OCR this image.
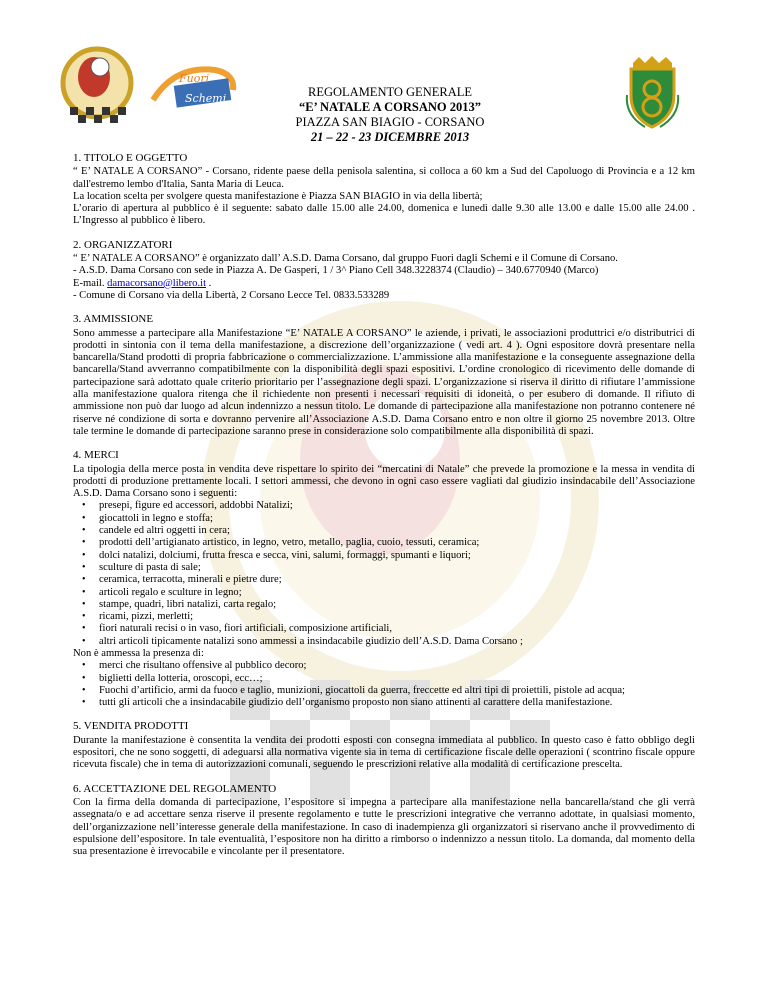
Fuori
Schemi	REGOLAMENTO GENERALE
“E’ NATALE A CORSANO 2013”
PIAZZA SAN BIAGIO - CORSANO
21 – 22 - 23 DICEMBRE 2013
1. TITOLO E OGGETTO

“ E’ NATALE A CORSANO” - Corsano, ridente paese della penisola salentina, si colloca a 60 km a Sud del Capoluogo di Provincia e a 12 km dall'estremo lembo d'Italia, Santa Maria di Leuca.

La location scelta per svolgere questa manifestazione è Piazza SAN BIAGIO in via della libertà;

L’orario di apertura al pubblico è il seguente: sabato dalle 15.00 alle 24.00, domenica e lunedì dalle 9.30 alle 13.00 e dalle 15.00 alle 24.00 . L’Ingresso al pubblico è libero.

2. ORGANIZZATORI

“ E’ NATALE A CORSANO” è organizzato dall’ A.S.D. Dama Corsano, dal gruppo Fuori dagli Schemi e il Comune di Corsano.

- A.S.D. Dama Corsano con sede in Piazza A. De Gasperi, 1 / 3^ Piano Cell 348.3228374 (Claudio) – 340.6770940 (Marco)

E-mail. damacorsano@libero.it .

- Comune di Corsano via della Libertà, 2 Corsano Lecce Tel. 0833.533289

3. AMMISSIONE

Sono ammesse a partecipare alla Manifestazione “E’ NATALE A CORSANO” le aziende, i privati, le associazioni produttrici e/o distributrici di prodotti in sintonia con il tema della manifestazione, a discrezione dell’organizzazione ( vedi art. 4 ). Ogni espositore dovrà presentare nella bancarella/Stand prodotti di propria fabbricazione o commercializzazione. L’ammissione alla manifestazione e la conseguente assegnazione della bancarella/Stand avverranno compatibilmente con la disponibilità degli spazi espositivi. L’ordine cronologico di ricevimento delle domande di partecipazione sarà adottato quale criterio prioritario per l’assegnazione degli spazi. L’organizzazione si riserva il diritto di rifiutare l’ammissione alla manifestazione qualora ritenga che il richiedente non presenti i necessari requisiti di idoneità, o per esubero di domande. Il rifiuto di ammissione non può dar luogo ad alcun indennizzo a nessun titolo. Le domande di partecipazione alla manifestazione non potranno contenere né riserve né condizione di sorta e dovranno pervenire all’Associazione A.S.D. Dama Corsano entro e non oltre il giorno 25 novembre 2013. Oltre tale termine le domande di partecipazione saranno prese in considerazione solo compatibilmente alla disponibilità di spazi.

4. MERCI

La tipologia della merce posta in vendita deve rispettare lo spirito dei “mercatini di Natale” che prevede la promozione e la messa in vendita di prodotti di produzione prettamente locali. I settori ammessi, che devono in ogni caso essere vagliati dal giudizio insindacabile dell’Associazione A.S.D. Dama Corsano sono i seguenti:

• presepi, figure ed accessori, addobbi Natalizi;
• giocattoli in legno e stoffa;
• candele ed altri oggetti in cera;
• prodotti dell’artigianato artistico, in legno, vetro, metallo, paglia, cuoio, tessuti, ceramica;
• dolci natalizi, dolciumi, frutta fresca e secca, vini, salumi, formaggi, spumanti e liquori;
• sculture di pasta di sale;
• ceramica, terracotta, minerali e pietre dure;
• articoli regalo e sculture in legno;
• stampe, quadri, libri natalizi, carta regalo;
• ricami, pizzi, merletti;
• fiori naturali recisi o in vaso, fiori artificiali, composizione artificiali,
• altri articoli tipicamente natalizi sono ammessi a insindacabile giudizio dell’A.S.D. Dama Corsano ;

Non è ammessa la presenza di:

• merci che risultano offensive al pubblico decoro;
• biglietti della lotteria, oroscopi, ecc…;
• Fuochi d’artificio, armi da fuoco e taglio, munizioni, giocattoli da guerra, freccette ed altri tipi di proiettili, pistole ad acqua;
• tutti gli articoli che a insindacabile giudizio dell’organismo proposto non siano attinenti al carattere della manifestazione.
5. VENDITA PRODOTTI

Durante la manifestazione è consentita la vendita dei prodotti esposti con consegna immediata al pubblico. In questo caso è fatto obbligo degli espositori, che ne sono soggetti, di adeguarsi alla normativa vigente sia in tema di certificazione fiscale delle operazioni ( scontrino fiscale oppure ricevuta fiscale) che in tema di autorizzazioni comunali, seguendo le prescrizioni relative alla modalità di certificazione prescelta.

6. ACCETTAZIONE DEL REGOLAMENTO

Con la firma della domanda di partecipazione, l’espositore si impegna a partecipare alla manifestazione nella bancarella/stand che gli verrà assegnata/o e ad accettare senza riserve il presente regolamento e tutte le prescrizioni integrative che verranno adottate, in qualsiasi momento, dell’organizzazione nell’interesse generale della manifestazione. In caso di inadempienza gli organizzatori si riservano anche il provvedimento di espulsione dell’espositore. In tale eventualità, l’espositore non ha diritto a rimborso o indennizzo a nessun titolo. La domanda, dal momento della sua presentazione è irrevocabile e vincolante per il presentatore.
